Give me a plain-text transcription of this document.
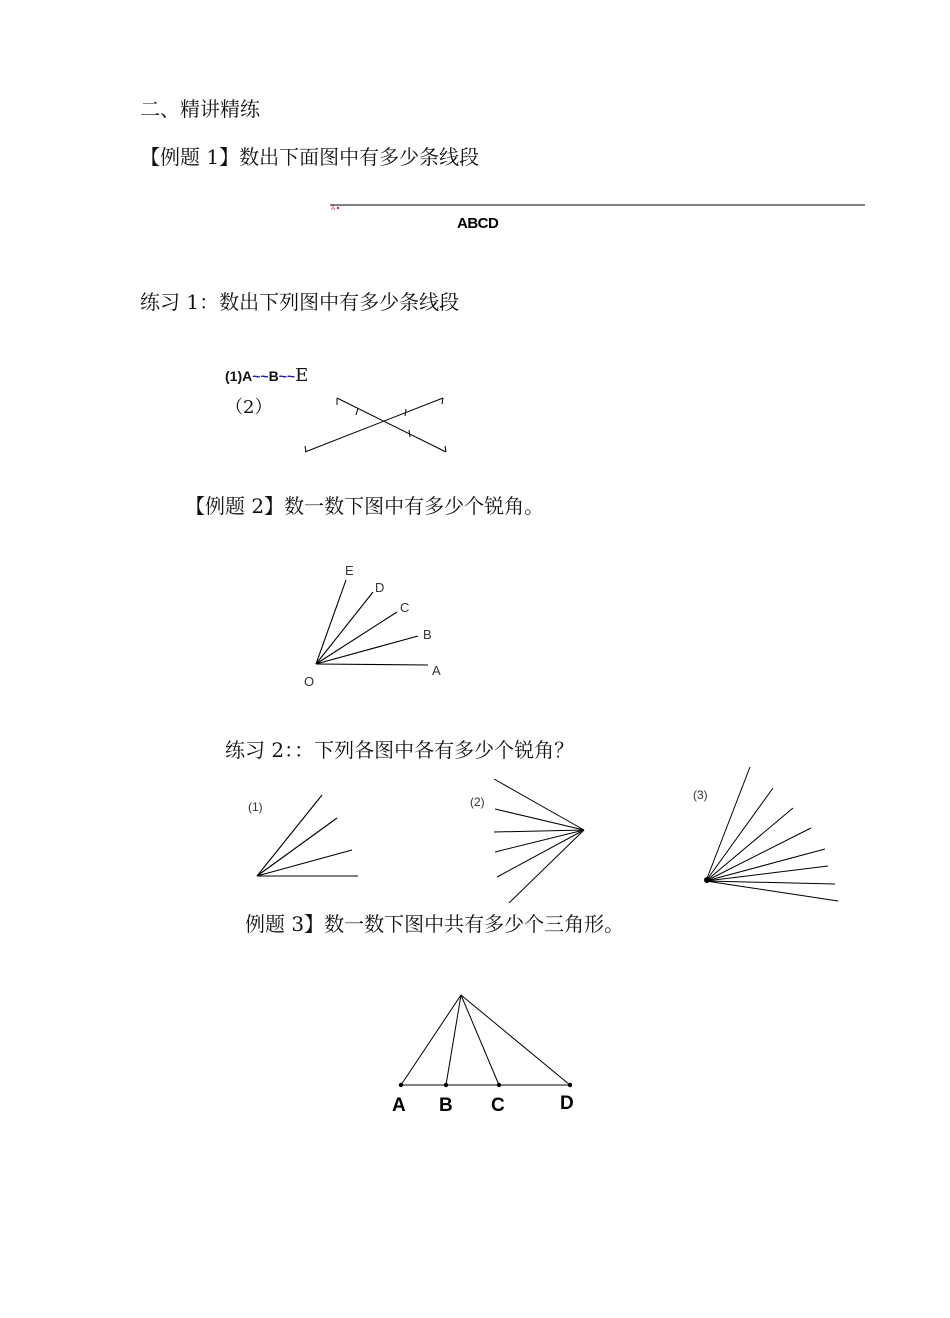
二、精讲精练
【例题 1】数出下面图中有多少条线段
练习 1：数出下列图中有多少条线段
(1)A~~B~~E
（2）
【例题 2】数一数下图中有多少个锐角。
练习 2：：下列各图中各有多少个锐角？
例题 3】数一数下图中共有多少个三角形。
A
ABCD
E
D
C
B
A
O
(1)	(2)	(3)
A B C	D
